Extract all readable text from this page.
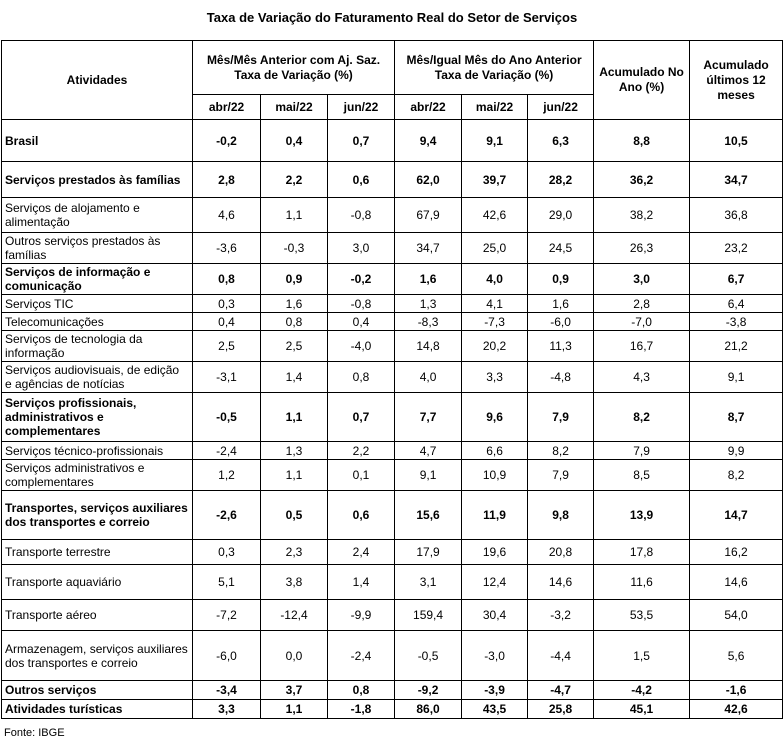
Taxa de Variação do Faturamento Real do Setor de Serviços
Atividades	Mês/Mês Anterior com Aj. Saz. Taxa de Variação (%)			Mês/Igual Mês do Ano Anterior Taxa de Variação (%)			Acumulado No Ano (%)	Acumulado últimos 12 meses
	abr/22	mai/22	jun/22	abr/22	mai/22	jun/22		
Brasil	-0,2	0,4	0,7	9,4	9,1	6,3	8,8	10,5
Serviços prestados às famílias	2,8	2,2	0,6	62,0	39,7	28,2	36,2	34,7
Serviços de alojamento e alimentação	4,6	1,1	-0,8	67,9	42,6	29,0	38,2	36,8
Outros serviços prestados às famílias	-3,6	-0,3	3,0	34,7	25,0	24,5	26,3	23,2
Serviços de informação e comunicação	0,8	0,9	-0,2	1,6	4,0	0,9	3,0	6,7
Serviços TIC	0,3	1,6	-0,8	1,3	4,1	1,6	2,8	6,4
Telecomunicações	0,4	0,8	0,4	-8,3	-7,3	-6,0	-7,0	-3,8
Serviços de tecnologia da informação	2,5	2,5	-4,0	14,8	20,2	11,3	16,7	21,2
Serviços audiovisuais, de edição e agências de notícias	-3,1	1,4	0,8	4,0	3,3	-4,8	4,3	9,1
Serviços profissionais, administrativos e complementares	-0,5	1,1	0,7	7,7	9,6	7,9	8,2	8,7
Serviços técnico-profissionais	-2,4	1,3	2,2	4,7	6,6	8,2	7,9	9,9
Serviços administrativos e complementares	1,2	1,1	0,1	9,1	10,9	7,9	8,5	8,2
Transportes, serviços auxiliares dos transportes e correio	-2,6	0,5	0,6	15,6	11,9	9,8	13,9	14,7
Transporte terrestre	0,3	2,3	2,4	17,9	19,6	20,8	17,8	16,2
Transporte aquaviário	5,1	3,8	1,4	3,1	12,4	14,6	11,6	14,6
Transporte aéreo	-7,2	-12,4	-9,9	159,4	30,4	-3,2	53,5	54,0
Armazenagem, serviços auxiliares dos transportes e correio	-6,0	0,0	-2,4	-0,5	-3,0	-4,4	1,5	5,6
Outros serviços	-3,4	3,7	0,8	-9,2	-3,9	-4,7	-4,2	-1,6
Atividades turísticas	3,3	1,1	-1,8	86,0	43,5	25,8	45,1	42,6
Fonte: IBGE
